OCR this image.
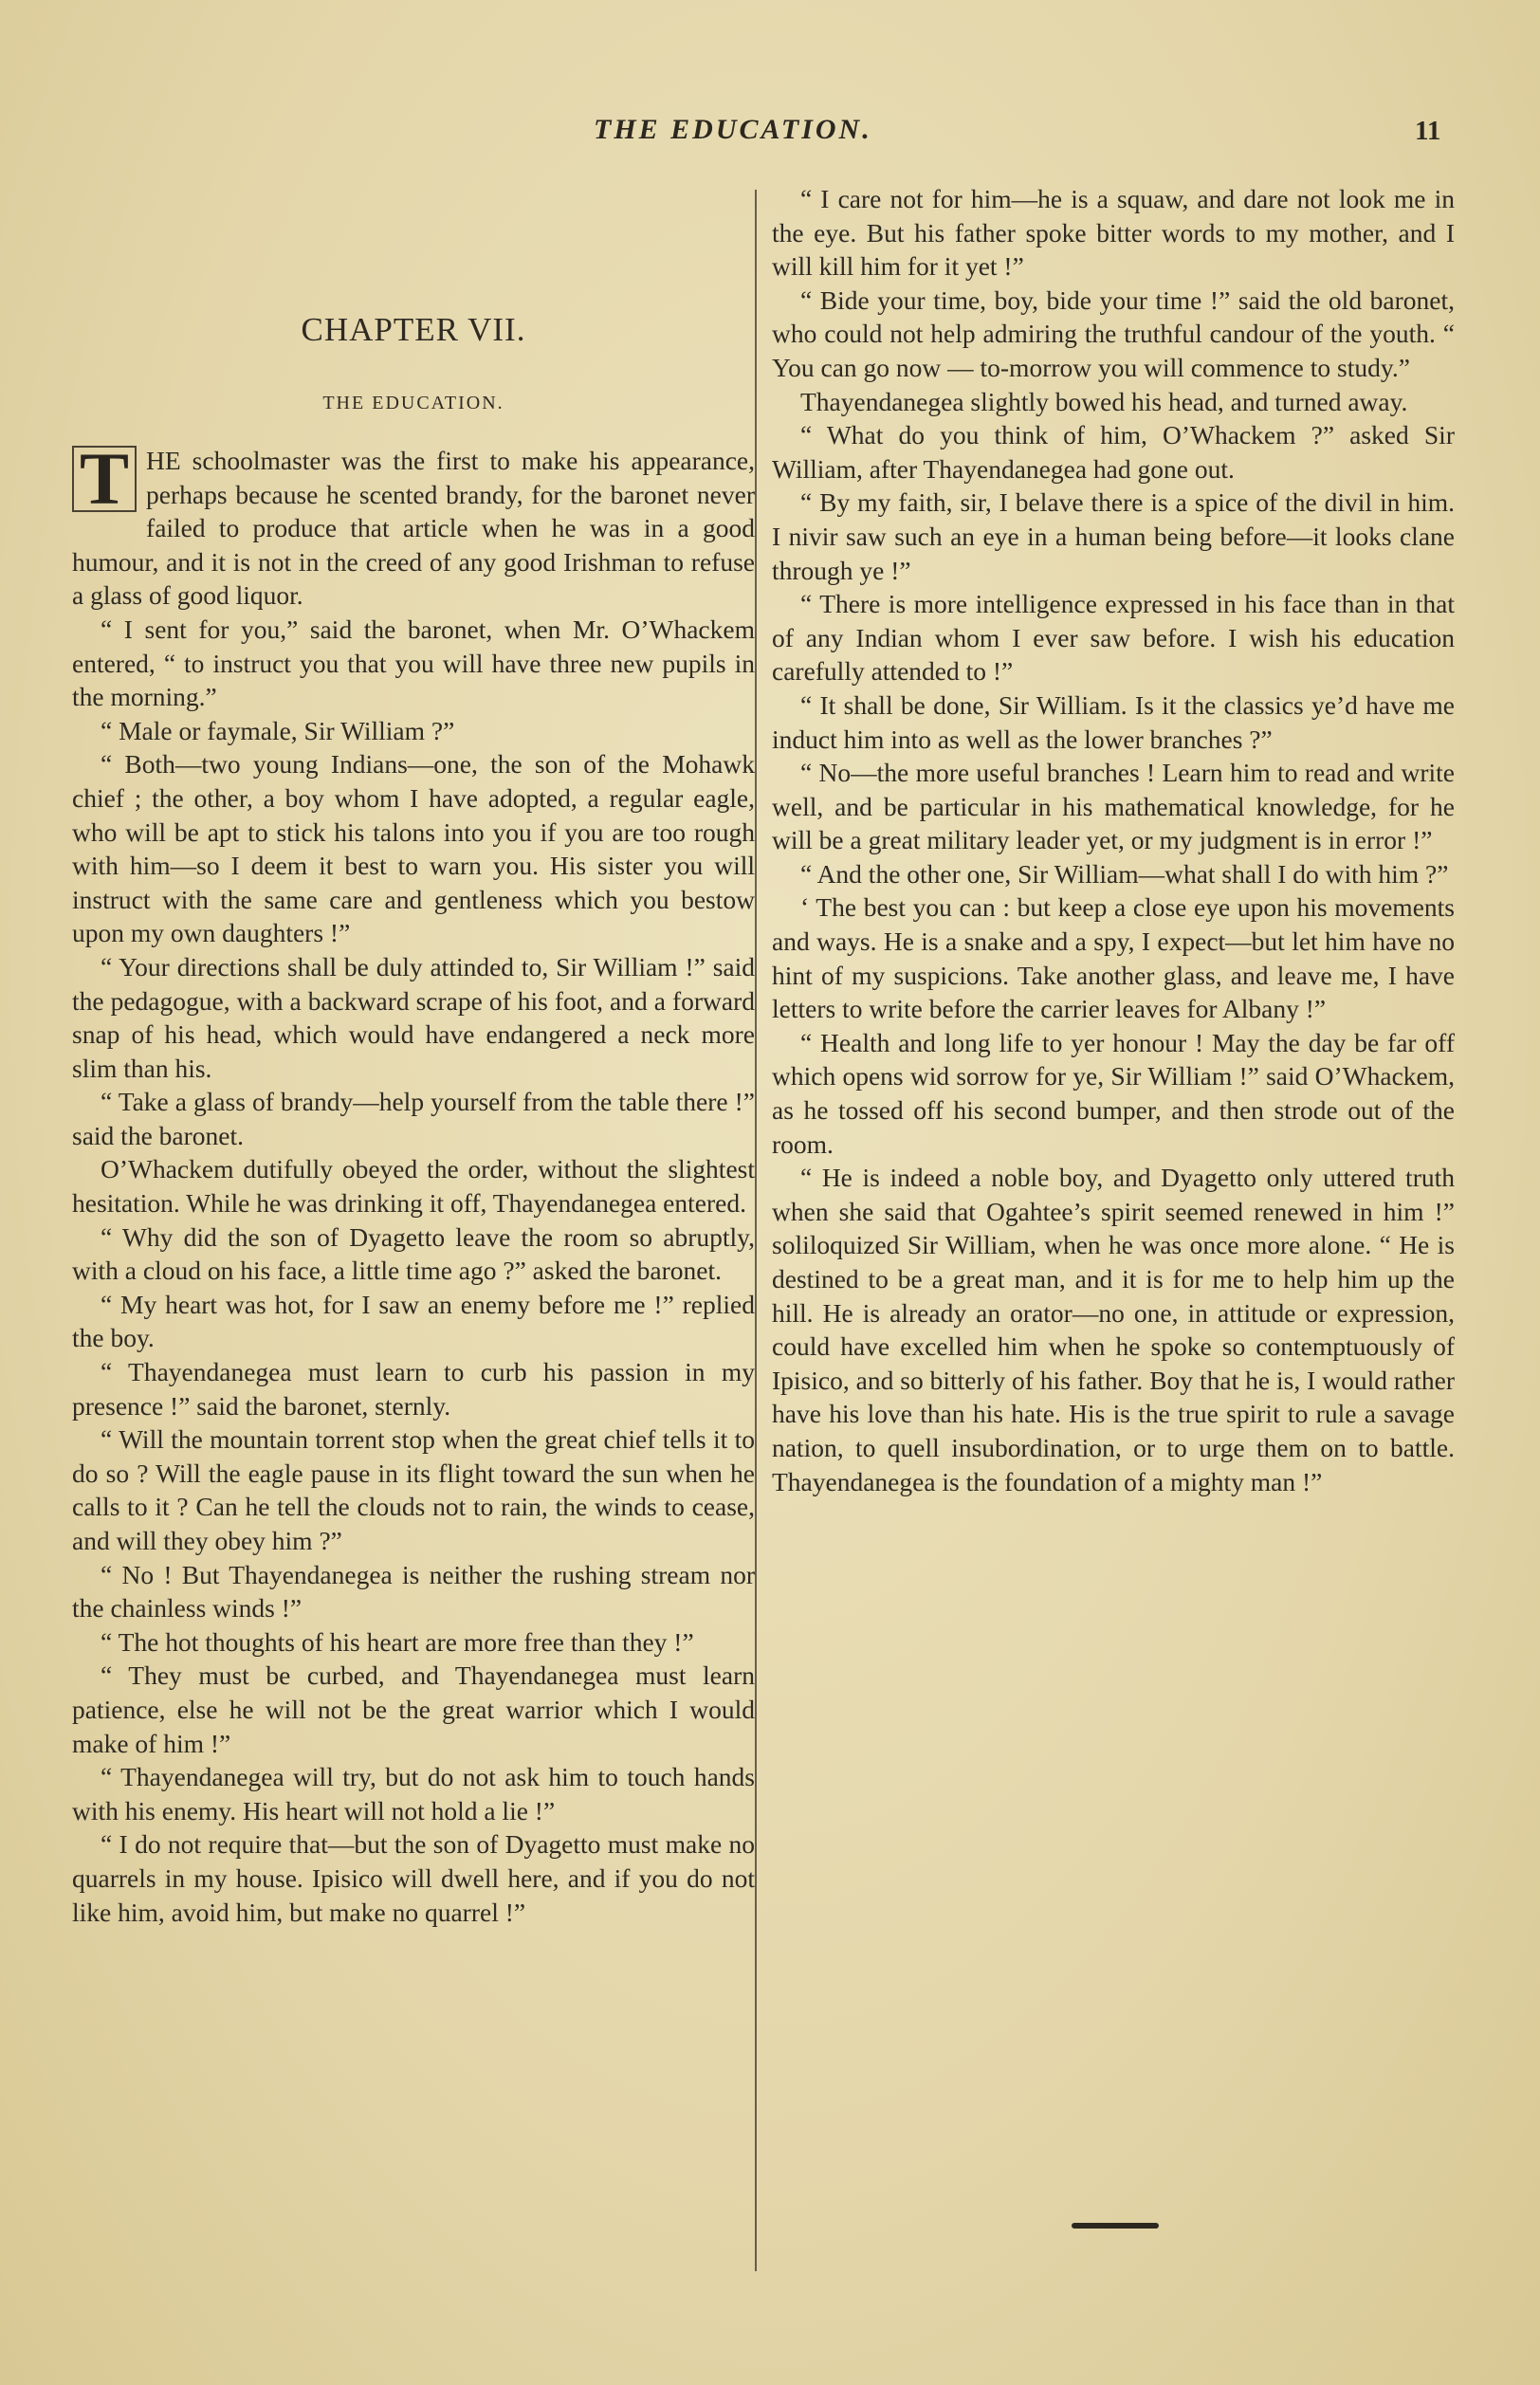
THE EDUCATION.	11
CHAPTER VII.
THE EDUCATION.

T HE schoolmaster was the first to make his appearance, perhaps because he scented brandy, for the baronet never failed to produce that article when he was in a good humour, and it is not in the creed of any good Irishman to refuse a glass of good liquor.

“ I sent for you,” said the baronet, when Mr. O’Whackem entered, “ to instruct you that you will have three new pupils in the morning.”

“ Male or faymale, Sir William ?”

“ Both—two young Indians—one, the son of the Mohawk chief ; the other, a boy whom I have adopted, a regular eagle, who will be apt to stick his talons into you if you are too rough with him—so I deem it best to warn you. His sister you will instruct with the same care and gentleness which you bestow upon my own daughters !”

“ Your directions shall be duly attinded to, Sir William !” said the pedagogue, with a backward scrape of his foot, and a forward snap of his head, which would have endangered a neck more slim than his.

“ Take a glass of brandy—help yourself from the table there !” said the baronet.

O’Whackem dutifully obeyed the order, without the slightest hesitation. While he was drinking it off, Thayendanegea entered.

“ Why did the son of Dyagetto leave the room so abruptly, with a cloud on his face, a little time ago ?” asked the baronet.

“ My heart was hot, for I saw an enemy before me !” replied the boy.

“ Thayendanegea must learn to curb his passion in my presence !” said the baronet, sternly.

“ Will the mountain torrent stop when the great chief tells it to do so ? Will the eagle pause in its flight toward the sun when he calls to it ? Can he tell the clouds not to rain, the winds to cease, and will they obey him ?”

“ No ! But Thayendanegea is neither the rushing stream nor the chainless winds !”

“ The hot thoughts of his heart are more free than they !”

“ They must be curbed, and Thayendanegea must learn patience, else he will not be the great warrior which I would make of him !”

“ Thayendanegea will try, but do not ask him to touch hands with his enemy. His heart will not hold a lie !”

“ I do not require that—but the son of Dyagetto must make no quarrels in my house. Ipisico will dwell here, and if you do not like him, avoid him, but make no quarrel !”

“ I care not for him—he is a squaw, and dare not look me in the eye. But his father spoke bitter words to my mother, and I will kill him for it yet !”

“ Bide your time, boy, bide your time !” said the old baronet, who could not help admiring the truthful candour of the youth. “ You can go now — to-morrow you will commence to study.”

Thayendanegea slightly bowed his head, and turned away.

“ What do you think of him, O’Whackem ?” asked Sir William, after Thayendanegea had gone out.

“ By my faith, sir, I belave there is a spice of the divil in him. I nivir saw such an eye in a human being before—it looks clane through ye !”

“ There is more intelligence expressed in his face than in that of any Indian whom I ever saw before. I wish his education carefully attended to !”

“ It shall be done, Sir William. Is it the classics ye’d have me induct him into as well as the lower branches ?”

“ No—the more useful branches ! Learn him to read and write well, and be particular in his mathematical knowledge, for he will be a great military leader yet, or my judgment is in error !”

“ And the other one, Sir William—what shall I do with him ?”

‘ The best you can : but keep a close eye upon his movements and ways. He is a snake and a spy, I expect—but let him have no hint of my suspicions. Take another glass, and leave me, I have letters to write before the carrier leaves for Albany !”

“ Health and long life to yer honour ! May the day be far off which opens wid sorrow for ye, Sir William !” said O’Whackem, as he tossed off his second bumper, and then strode out of the room.

“ He is indeed a noble boy, and Dyagetto only uttered truth when she said that Ogahtee’s spirit seemed renewed in him !” soliloquized Sir William, when he was once more alone. “ He is destined to be a great man, and it is for me to help him up the hill. He is already an orator—no one, in attitude or expression, could have excelled him when he spoke so contemptuously of Ipisico, and so bitterly of his father. Boy that he is, I would rather have his love than his hate. His is the true spirit to rule a savage nation, to quell insubordination, or to urge them on to battle. Thayendanegea is the foundation of a mighty man !”
